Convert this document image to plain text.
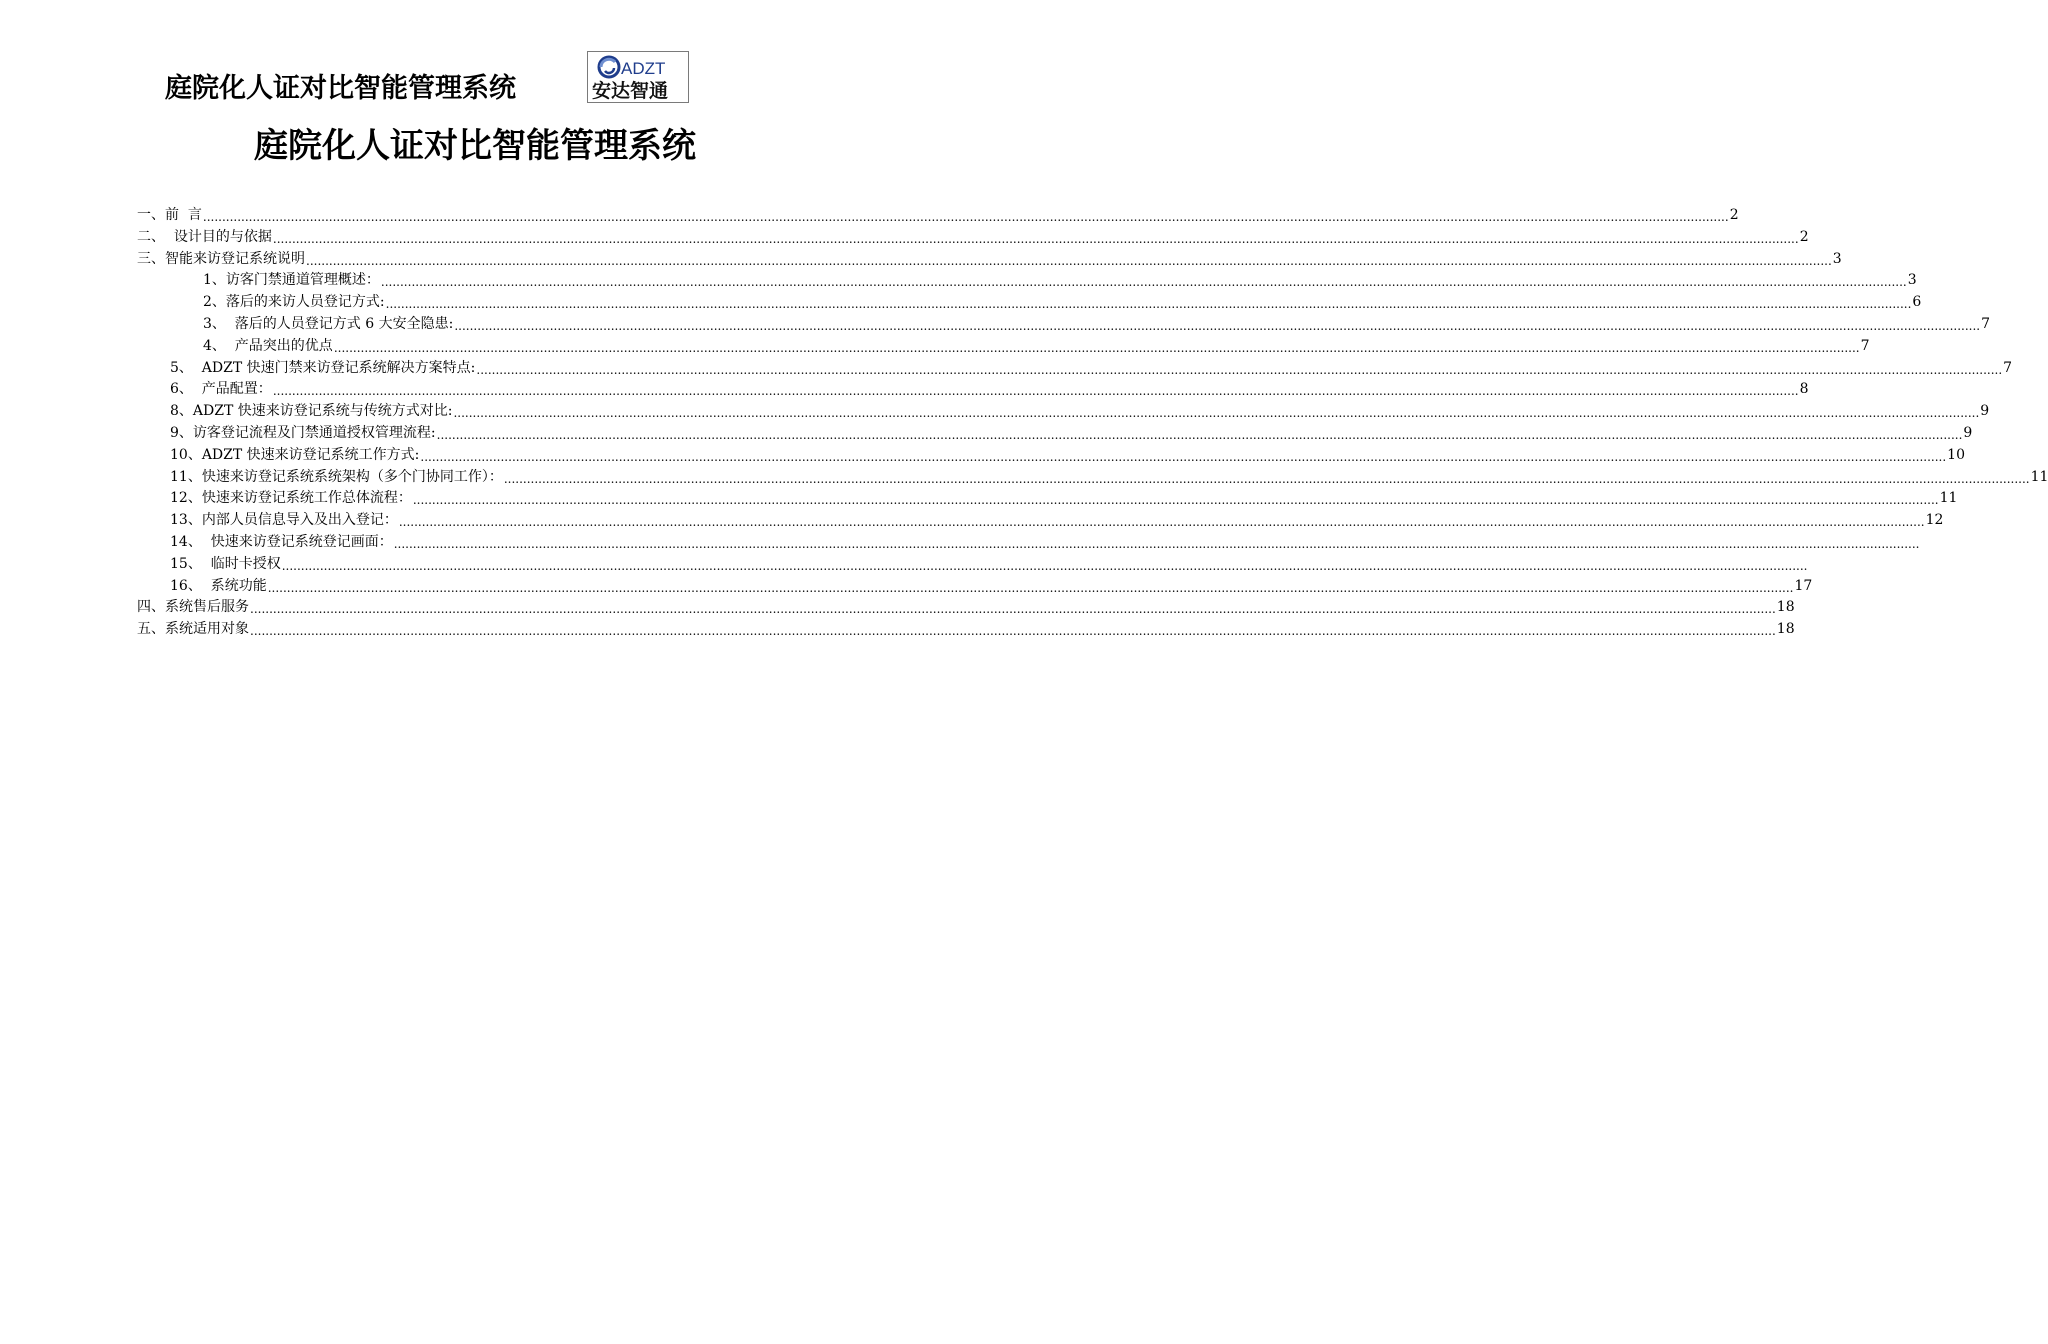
庭院化人证对比智能管理系统
ADZT
安达智通
庭院化人证对比智能管理系统
一、前  言 ................................................................................................................................................................................................................................................................................................................................................................................................................ 2
二、  设计目的与依据 ................................................................................................................................................................................................................................................................................................................................................................................................................ 2
三、智能来访登记系统说明 ................................................................................................................................................................................................................................................................................................................................................................................................................ 3
1、访客门禁通道管理概述： ................................................................................................................................................................................................................................................................................................................................................................................................................ 3
2、落后的来访人员登记方式: ................................................................................................................................................................................................................................................................................................................................................................................................................ 6
3、  落后的人员登记方式 6 大安全隐患: ................................................................................................................................................................................................................................................................................................................................................................................................................ 7
4、  产品突出的优点 ................................................................................................................................................................................................................................................................................................................................................................................................................ 7
5、  ADZT 快速门禁来访登记系统解决方案特点: ................................................................................................................................................................................................................................................................................................................................................................................................................ 7
6、  产品配置： ................................................................................................................................................................................................................................................................................................................................................................................................................ 8
8、ADZT 快速来访登记系统与传统方式对比: ................................................................................................................................................................................................................................................................................................................................................................................................................ 9
9、访客登记流程及门禁通道授权管理流程: ................................................................................................................................................................................................................................................................................................................................................................................................................ 9
10、ADZT 快速来访登记系统工作方式: ................................................................................................................................................................................................................................................................................................................................................................................................................ 10
11、快速来访登记系统系统架构（多个门协同工作）： ................................................................................................................................................................................................................................................................................................................................................................................................................ 11
12、快速来访登记系统工作总体流程： ................................................................................................................................................................................................................................................................................................................................................................................................................ 11
13、内部人员信息导入及出入登记： ................................................................................................................................................................................................................................................................................................................................................................................................................ 12
14、  快速来访登记系统登记画面： ................................................................................................................................................................................................................................................................................................................................................................................................................
15、  临时卡授权 ................................................................................................................................................................................................................................................................................................................................................................................................................
16、  系统功能 ................................................................................................................................................................................................................................................................................................................................................................................................................ 17
四、系统售后服务 ................................................................................................................................................................................................................................................................................................................................................................................................................ 18
五、系统适用对象 ................................................................................................................................................................................................................................................................................................................................................................................................................ 18
